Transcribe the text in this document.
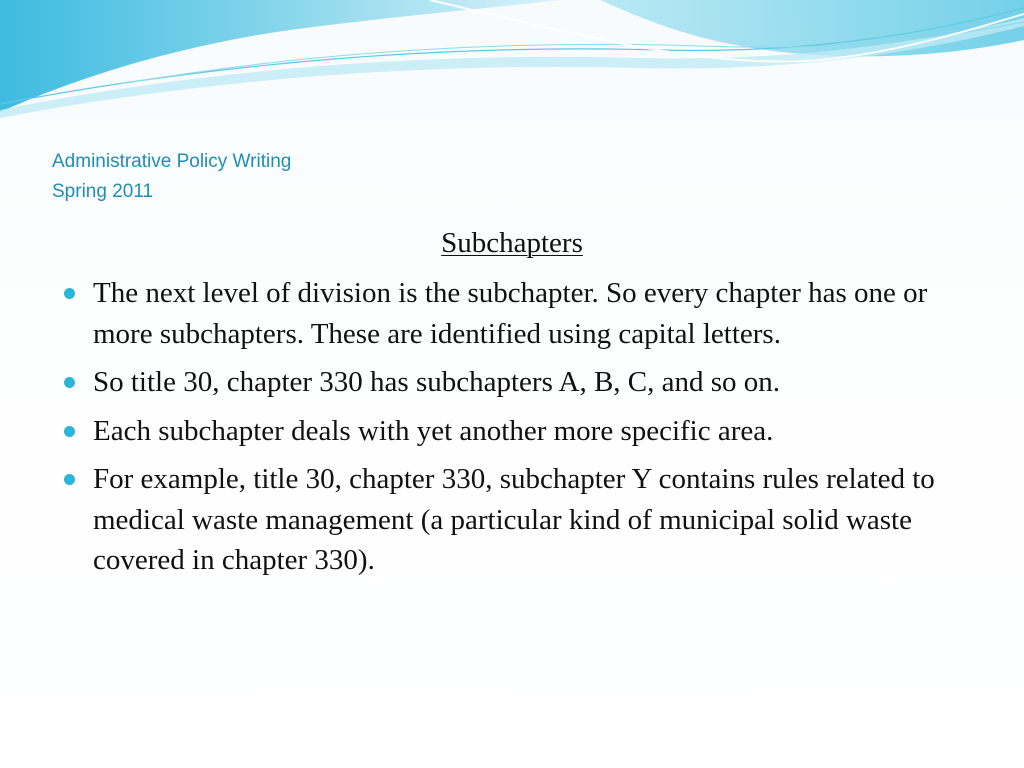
Administrative Policy Writing
Spring 2011
Subchapters
The next level of division is the subchapter. So every chapter has one or more subchapters. These are identified using capital letters.
So title 30, chapter 330 has subchapters A, B, C, and so on.
Each subchapter deals with yet another more specific area.
For example, title 30, chapter 330, subchapter Y contains rules related to medical waste management (a particular kind of municipal solid waste covered in chapter 330).
